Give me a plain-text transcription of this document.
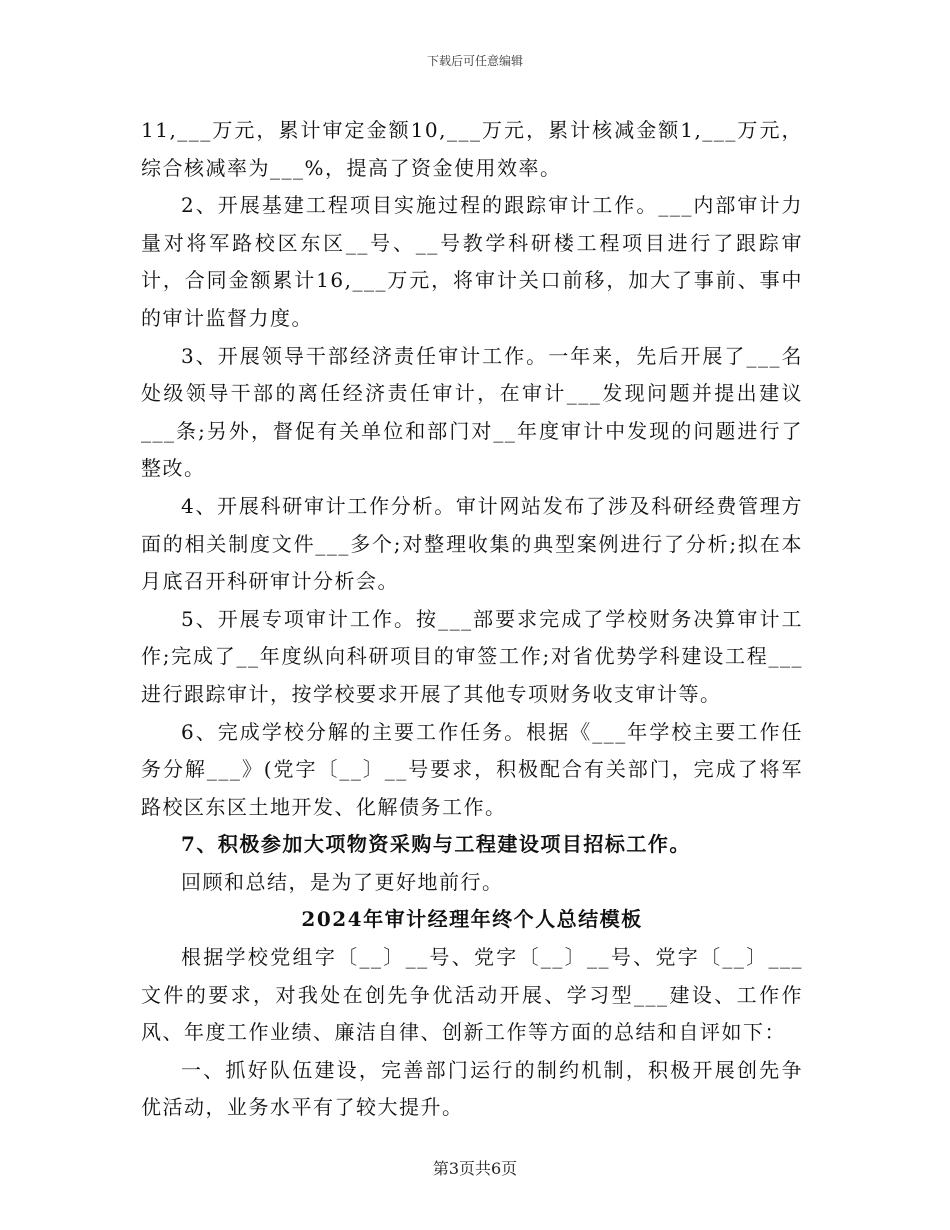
下载后可任意编辑

11,___万元，累计审定金额10,___万元，累计核减金额1,___万元，综合核减率为___%，提高了资金使用效率。

2、开展基建工程项目实施过程的跟踪审计工作。___内部审计力量对将军路校区东区__号、__号教学科研楼工程项目进行了跟踪审计，合同金额累计16,___万元，将审计关口前移，加大了事前、事中的审计监督力度。

3、开展领导干部经济责任审计工作。一年来，先后开展了___名处级领导干部的离任经济责任审计，在审计___发现问题并提出建议___条;另外，督促有关单位和部门对__年度审计中发现的问题进行了整改。

4、开展科研审计工作分析。审计网站发布了涉及科研经费管理方面的相关制度文件___多个;对整理收集的典型案例进行了分析;拟在本月底召开科研审计分析会。

5、开展专项审计工作。按___部要求完成了学校财务决算审计工作;完成了__年度纵向科研项目的审签工作;对省优势学科建设工程___进行跟踪审计，按学校要求开展了其他专项财务收支审计等。

6、完成学校分解的主要工作任务。根据《___年学校主要工作任务分解___》(党字〔__〕__号要求，积极配合有关部门，完成了将军路校区东区土地开发、化解债务工作。

7、积极参加大项物资采购与工程建设项目招标工作。

回顾和总结，是为了更好地前行。

2024年审计经理年终个人总结模板

根据学校党组字〔__〕__号、党字〔__〕__号、党字〔__〕___文件的要求，对我处在创先争优活动开展、学习型___建设、工作作风、年度工作业绩、廉洁自律、创新工作等方面的总结和自评如下：

一、抓好队伍建设，完善部门运行的制约机制，积极开展创先争优活动，业务水平有了较大提升。

第3页共6页
